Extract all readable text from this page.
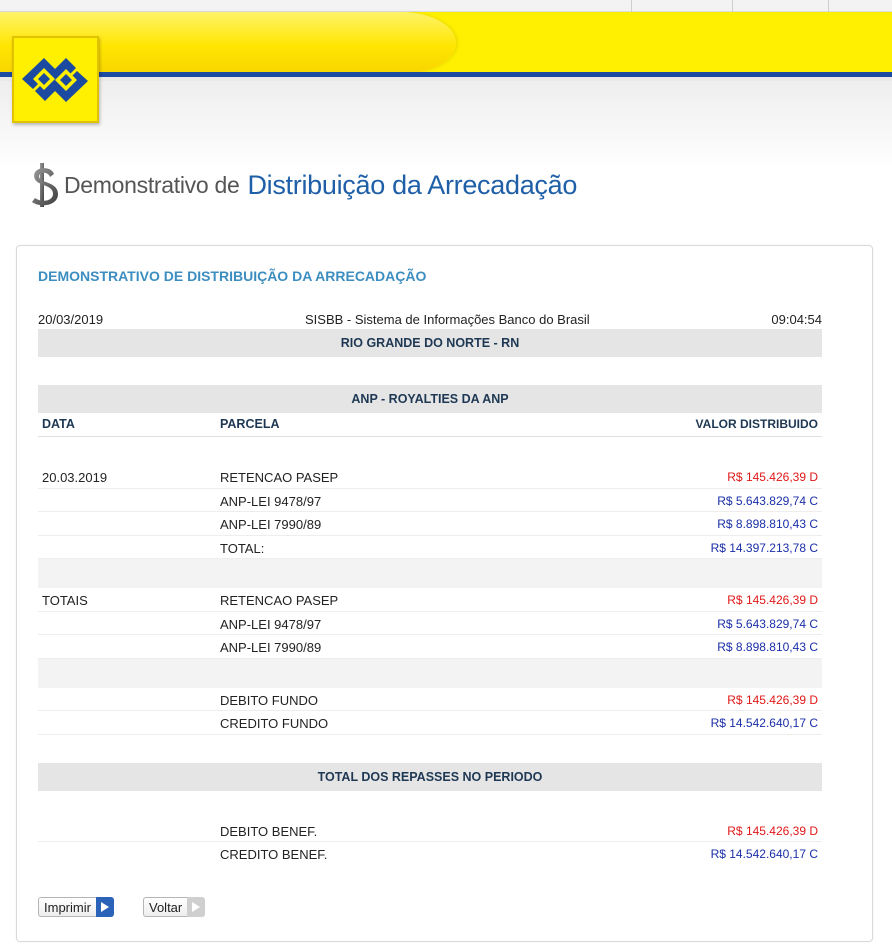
Demonstrativo de Distribuição da Arrecadação
DEMONSTRATIVO DE DISTRIBUIÇÃO DA ARRECADAÇÃO
20/03/2019	SISBB - Sistema de Informações Banco do Brasil	09:04:54
RIO GRANDE DO NORTE - RN
ANP - ROYALTIES DA ANP
DATA	PARCELA	VALOR DISTRIBUIDO
20.03.2019	RETENCAO PASEP	R$ 145.426,39 D
ANP-LEI 9478/97	R$ 5.643.829,74 C
ANP-LEI 7990/89	R$ 8.898.810,43 C
TOTAL:	R$ 14.397.213,78 C
TOTAIS	RETENCAO PASEP	R$ 145.426,39 D
ANP-LEI 9478/97	R$ 5.643.829,74 C
ANP-LEI 7990/89	R$ 8.898.810,43 C
DEBITO FUNDO	R$ 145.426,39 D
CREDITO FUNDO	R$ 14.542.640,17 C
TOTAL DOS REPASSES NO PERIODO
DEBITO BENEF.	R$ 145.426,39 D
CREDITO BENEF.	R$ 14.542.640,17 C
Imprimir	Voltar
